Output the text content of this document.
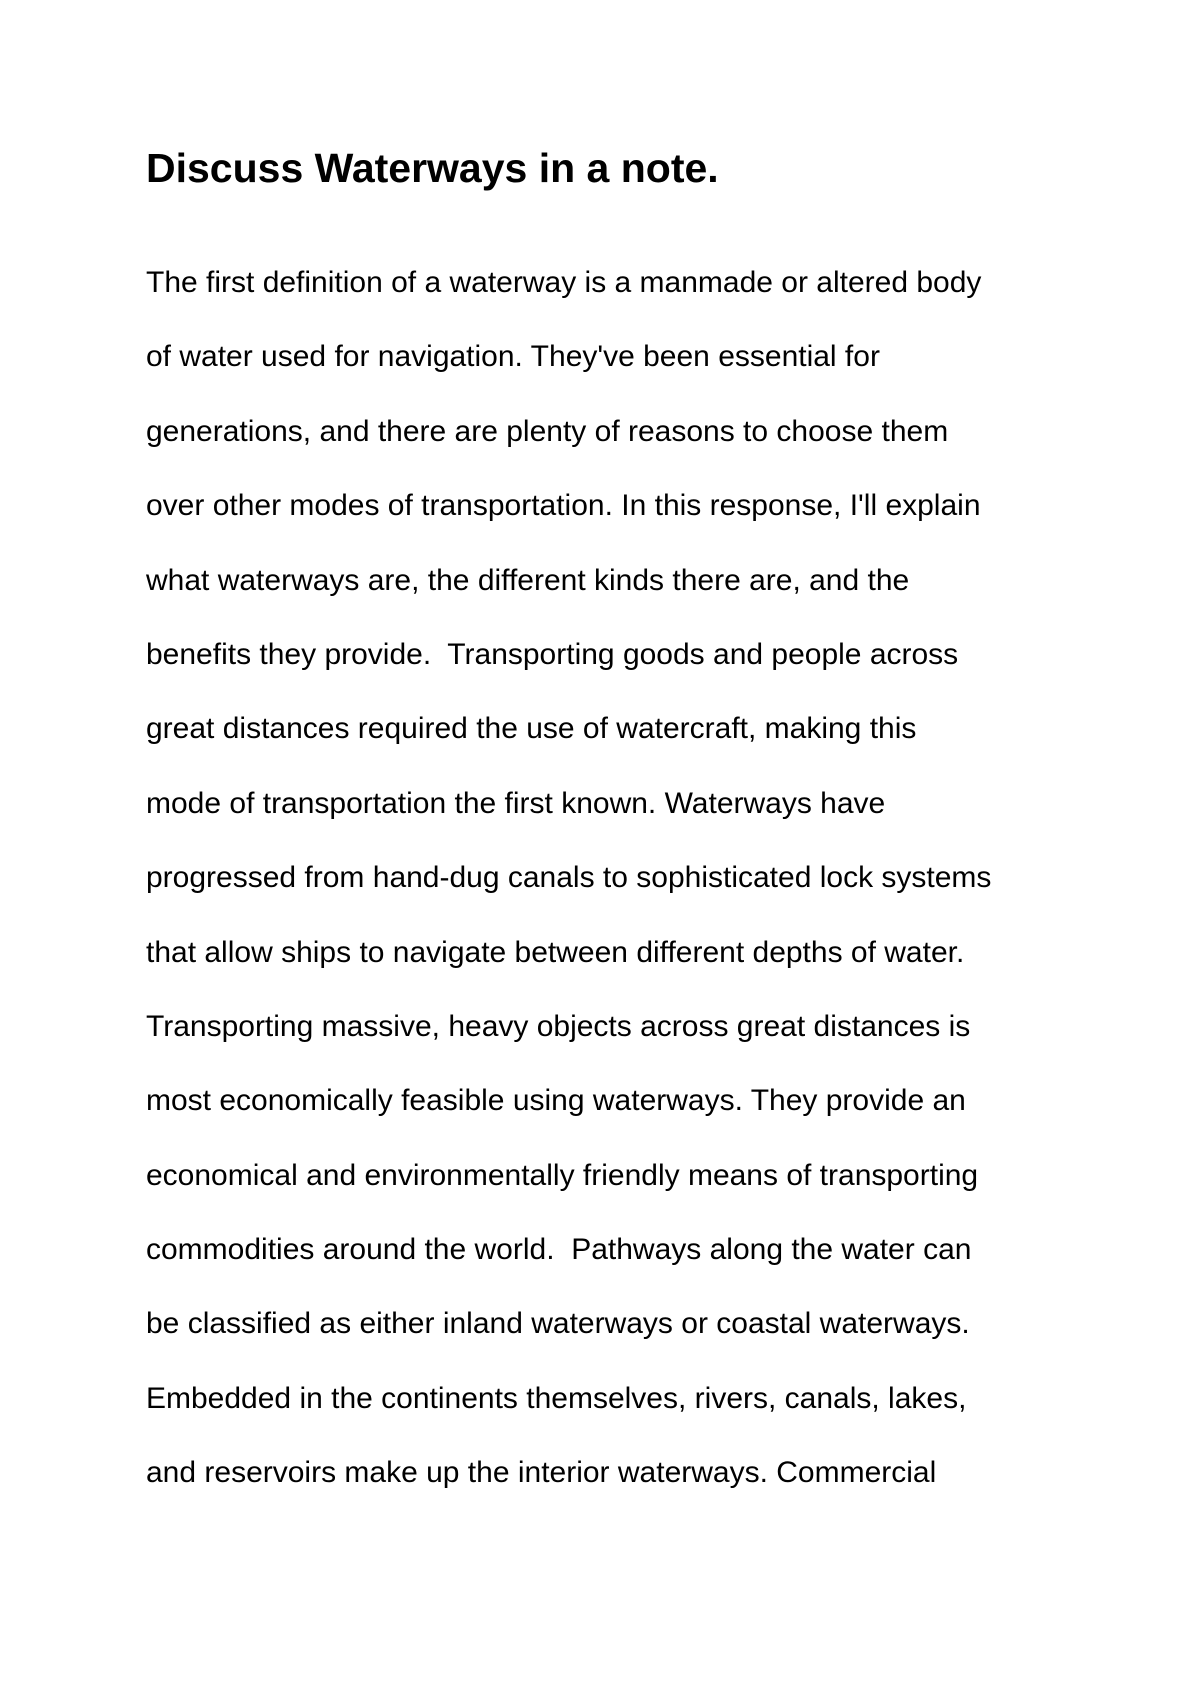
Discuss Waterways in a note.
The first definition of a waterway is a manmade or altered body
of water used for navigation. They've been essential for
generations, and there are plenty of reasons to choose them
over other modes of transportation. In this response, I'll explain
what waterways are, the different kinds there are, and the
benefits they provide.  Transporting goods and people across
great distances required the use of watercraft, making this
mode of transportation the first known. Waterways have
progressed from hand-dug canals to sophisticated lock systems
that allow ships to navigate between different depths of water.
Transporting massive, heavy objects across great distances is
most economically feasible using waterways. They provide an
economical and environmentally friendly means of transporting
commodities around the world.  Pathways along the water can
be classified as either inland waterways or coastal waterways.
Embedded in the continents themselves, rivers, canals, lakes,
and reservoirs make up the interior waterways. Commercial
